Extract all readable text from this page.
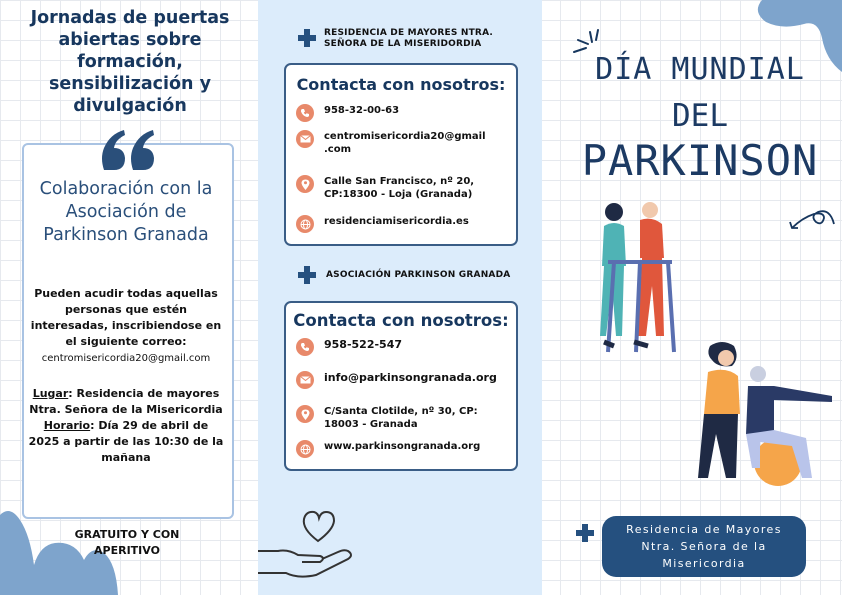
Jornadas de puertas abiertas sobre formación, sensibilización y divulgación
Colaboración con la Asociación de Parkinson Granada
Pueden acudir todas aquellas personas que estén interesadas, inscribiendose en el siguiente correo:
centromisericordia20@gmail.com
Lugar: Residencia de mayores Ntra. Señora de la Misericordia
Horario: Día 29 de abril de 2025 a partir de las 10:30 de la mañana
GRATUITO Y CON APERITIVO
RESIDENCIA DE MAYORES NTRA. SEÑORA DE LA MISERIDORDIA
Contacta con nosotros:
958-32-00-63
centromisericordia20@gmail .com
Calle San Francisco, nº 20, CP:18300 - Loja (Granada)
residenciamisericordia.es
ASOCIACIÓN PARKINSON GRANADA
Contacta con nosotros:
958-522-547
info@parkinsongranada.org
C/Santa Clotilde, nº 30, CP: 18003 - Granada
www.parkinsongranada.org
DÍA MUNDIAL
DEL
PARKINSON
Residencia de Mayores Ntra. Señora de la Misericordia
